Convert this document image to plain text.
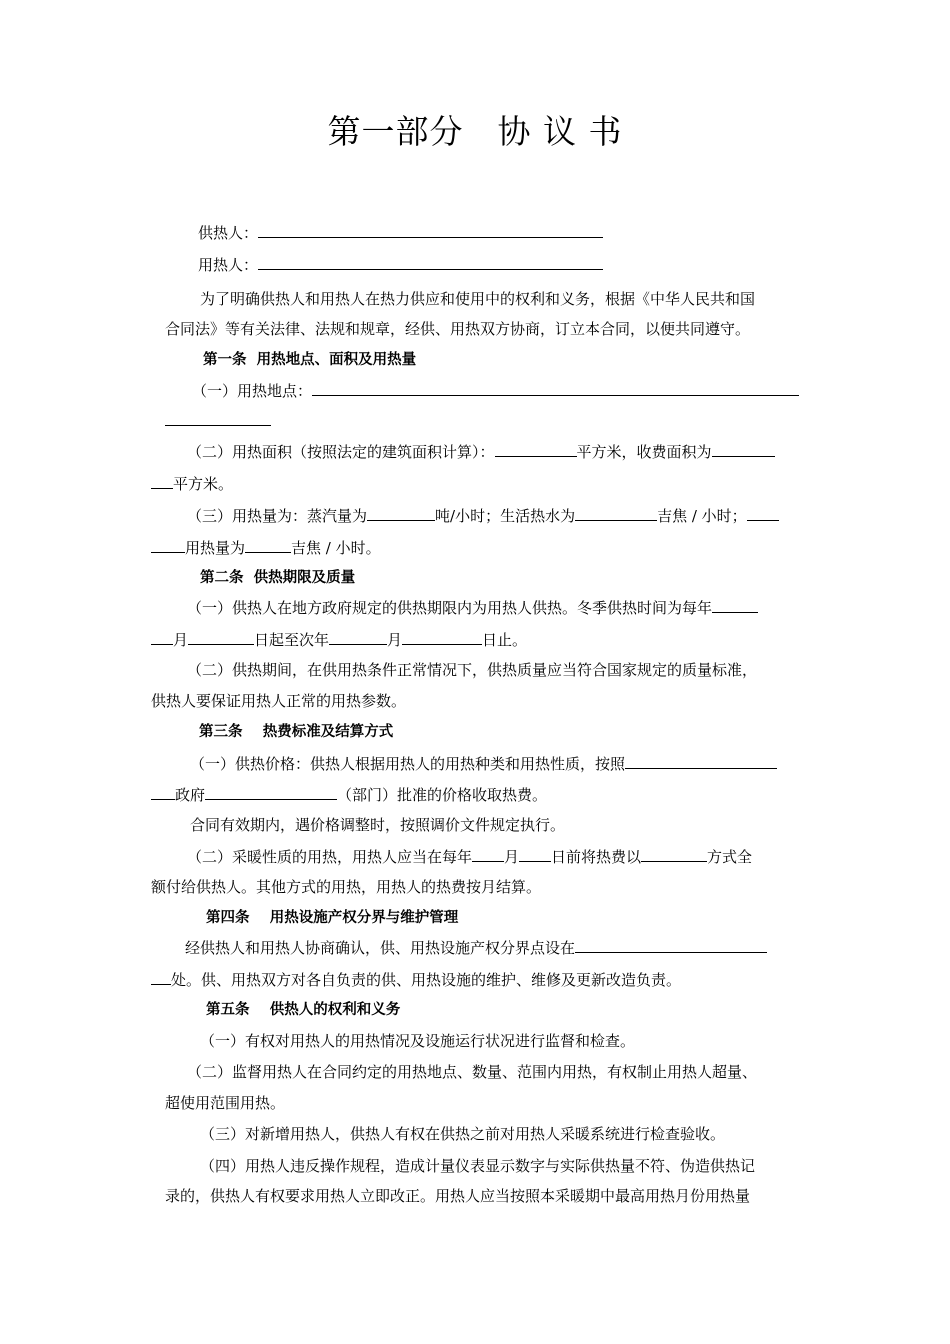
第一部分 协 议 书
供热人：
用热人：
为了明确供热人和用热人在热力供应和使用中的权利和义务，根据《中华人民共和国
合同法》等有关法律、法规和规章，经供、用热双方协商，订立本合同，以便共同遵守。
第一条  用热地点、面积及用热量
（一）用热地点：
（二）用热面积（按照法定的建筑面积计算）：	平方米，收费面积为
平方米。
（三）用热量为：蒸汽量为	吨/小时；生活热水为	吉焦 / 小时；
用热量为	吉焦 / 小时。
第二条  供热期限及质量
（一）供热人在地方政府规定的供热期限内为用热人供热。冬季供热时间为每年
月	日起至次年	月	日止。
（二）供热期间，在供用热条件正常情况下，供热质量应当符合国家规定的质量标准，
供热人要保证用热人正常的用热参数。
第三条    热费标准及结算方式
（一）供热价格：供热人根据用热人的用热种类和用热性质，按照
政府	（部门）批准的价格收取热费。
合同有效期内，遇价格调整时，按照调价文件规定执行。
（二）采暖性质的用热，用热人应当在每年 月 日前将热费以	方式全
额付给供热人。其他方式的用热，用热人的热费按月结算。
第四条    用热设施产权分界与维护管理
经供热人和用热人协商确认，供、用热设施产权分界点设在
处。供、用热双方对各自负责的供、用热设施的维护、维修及更新改造负责。
第五条    供热人的权利和义务
（一）有权对用热人的用热情况及设施运行状况进行监督和检查。
（二）监督用热人在合同约定的用热地点、数量、范围内用热，有权制止用热人超量、
超使用范围用热。
（三）对新增用热人，供热人有权在供热之前对用热人采暖系统进行检查验收。
（四）用热人违反操作规程，造成计量仪表显示数字与实际供热量不符、伪造供热记
录的，供热人有权要求用热人立即改正。用热人应当按照本采暖期中最高用热月份用热量
